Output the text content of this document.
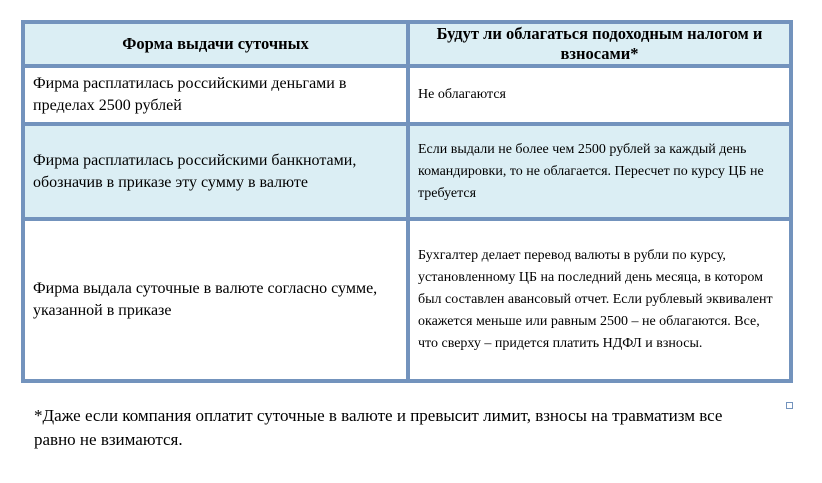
Форма выдачи суточных	Будут ли облагаться подоходным налогом и взносами*
Фирма расплатилась российскими деньгами в пределах 2500 рублей	Не облагаются
Фирма расплатилась российскими банкнотами, обозначив в приказе эту сумму в валюте	Если выдали не более чем 2500 рублей за каждый день командировки, то не облагается. Пересчет по курсу ЦБ не требуется
Фирма выдала суточные в валюте согласно сумме, указанной в приказе	Бухгалтер делает перевод валюты в рубли по курсу, установленному ЦБ на последний день месяца, в котором был составлен авансовый отчет. Если рублевый эквивалент окажется меньше или равным 2500 – не облагаются. Все, что сверху – придется платить НДФЛ и взносы.
*Даже если компания оплатит суточные в валюте и превысит лимит, взносы на травматизм все равно не взимаются.
